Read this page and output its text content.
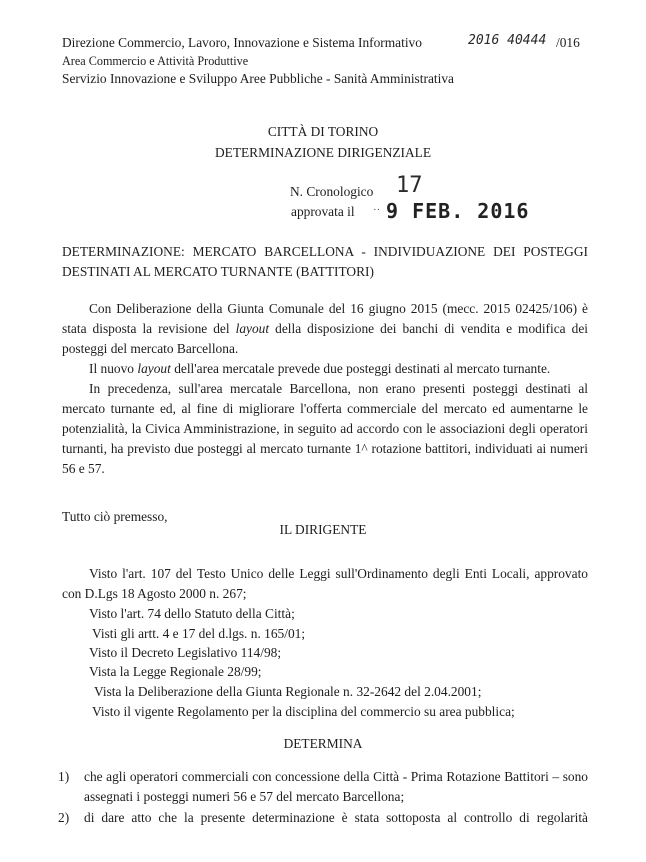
Direzione Commercio, Lavoro, Innovazione e Sistema Informativo	2016 40444 /016
Area Commercio e Attività Produttive
Servizio Innovazione e Sviluppo Aree Pubbliche - Sanità Amministrativa
CITTÀ DI TORINO
DETERMINAZIONE DIRIGENZIALE
N. Cronologico 17
approvata il ·· 9 FEB. 2016
DETERMINAZIONE: MERCATO BARCELLONA - INDIVIDUAZIONE DEI POSTEGGI
DESTINATI AL MERCATO TURNANTE (BATTITORI)

Con Deliberazione della Giunta Comunale del 16 giugno 2015 (mecc. 2015 02425/106) è stata disposta la revisione del layout della disposizione dei banchi di vendita e modifica dei posteggi del mercato Barcellona.

Il nuovo layout dell'area mercatale prevede due posteggi destinati al mercato turnante.

In precedenza, sull'area mercatale Barcellona, non erano presenti posteggi destinati al mercato turnante ed, al fine di migliorare l'offerta commerciale del mercato ed aumentarne le potenzialità, la Civica Amministrazione, in seguito ad accordo con le associazioni degli operatori turnanti, ha previsto due posteggi al mercato turnante 1^ rotazione battitori, individuati ai numeri 56 e 57.

Tutto ciò premesso,
IL DIRIGENTE
Visto l'art. 107 del Testo Unico delle Leggi sull'Ordinamento degli Enti Locali, approvato
con D.Lgs 18 Agosto 2000 n. 267;
Visto l'art. 74 dello Statuto della Città;
Visti gli artt. 4 e 17 del d.lgs. n. 165/01;
Visto il Decreto Legislativo 114/98;
Vista la Legge Regionale 28/99;
Vista la Deliberazione della Giunta Regionale n. 32-2642 del 2.04.2001;
Visto il vigente Regolamento per la disciplina del commercio su area pubblica;
DETERMINA
1) che agli operatori commerciali con concessione della Città - Prima Rotazione Battitori – sono
assegnati i posteggi numeri 56 e 57 del mercato Barcellona;
2) di dare atto che la presente determinazione è stata sottoposta al controllo di regolarità
